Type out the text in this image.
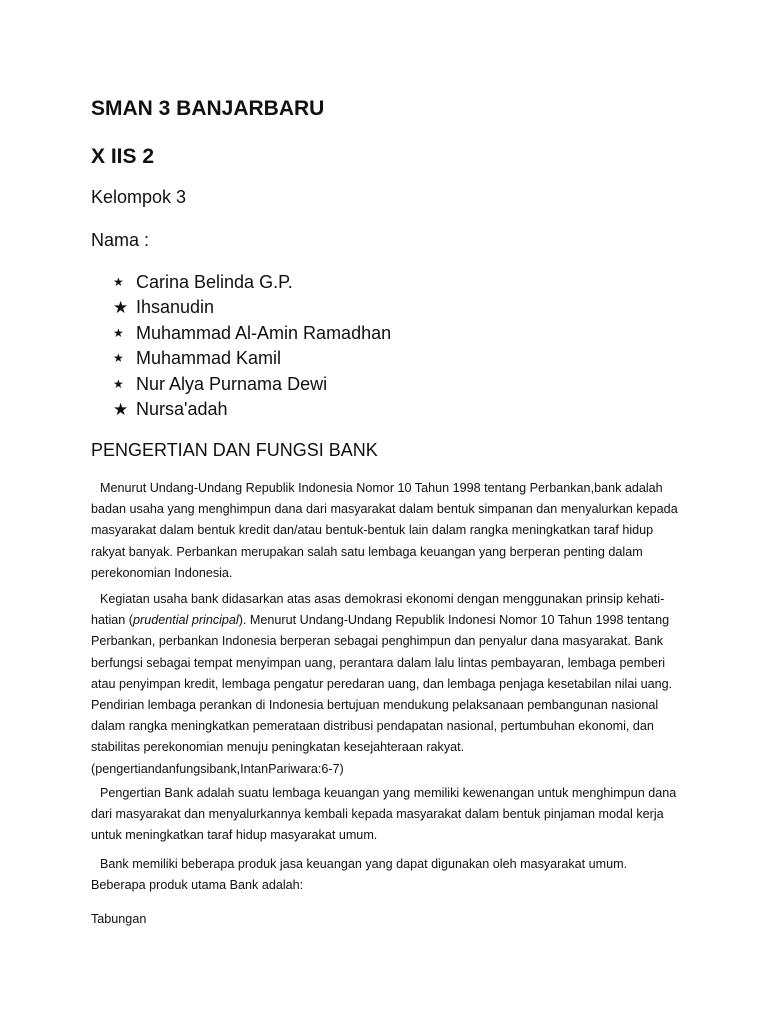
SMAN 3 BANJARBARU
X IIS 2
Kelompok 3
Nama :
★ Carina Belinda G.P.
★ Ihsanudin
★ Muhammad Al-Amin Ramadhan
★ Muhammad Kamil
★ Nur Alya Purnama Dewi
★ Nursa'adah
PENGERTIAN DAN FUNGSI BANK

Menurut Undang-Undang Republik Indonesia Nomor 10 Tahun 1998 tentang Perbankan,bank adalah
badan usaha yang menghimpun dana dari masyarakat dalam bentuk simpanan dan menyalurkan kepada
masyarakat dalam bentuk kredit dan/atau bentuk-bentuk lain dalam rangka meningkatkan taraf hidup
rakyat banyak. Perbankan merupakan salah satu lembaga keuangan yang berperan penting dalam
perekonomian Indonesia.

Kegiatan usaha bank didasarkan atas asas demokrasi ekonomi dengan menggunakan prinsip kehati-
hatian (prudential principal). Menurut Undang-Undang Republik Indonesi Nomor 10 Tahun 1998 tentang
Perbankan, perbankan Indonesia berperan sebagai penghimpun dan penyalur dana masyarakat. Bank
berfungsi sebagai tempat menyimpan uang, perantara dalam lalu lintas pembayaran, lembaga pemberi
atau penyimpan kredit, lembaga pengatur peredaran uang, dan lembaga penjaga kesetabilan nilai uang.
Pendirian lembaga perankan di Indonesia bertujuan mendukung pelaksanaan pembangunan nasional
dalam rangka meningkatkan pemerataan distribusi pendapatan nasional, pertumbuhan ekonomi, dan
stabilitas perekonomian menuju peningkatan kesejahteraan rakyat.
(pengertiandanfungsibank,IntanPariwara:6-7)

Pengertian Bank adalah suatu lembaga keuangan yang memiliki kewenangan untuk menghimpun dana
dari masyarakat dan menyalurkannya kembali kepada masyarakat dalam bentuk pinjaman modal kerja
untuk meningkatkan taraf hidup masyarakat umum.

Bank memiliki beberapa produk jasa keuangan yang dapat digunakan oleh masyarakat umum.
Beberapa produk utama Bank adalah:

Tabungan
